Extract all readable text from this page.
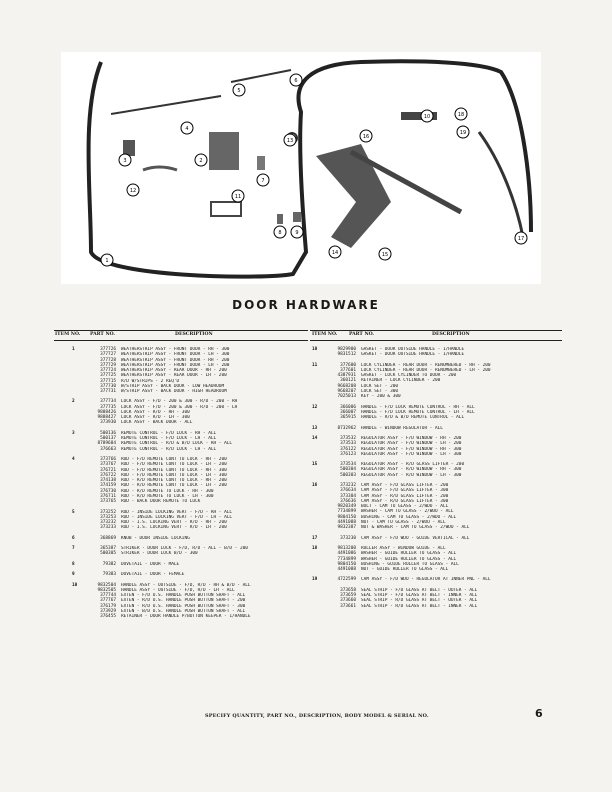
1
2
3
4
5
6
7
8	9
10
11
12
13
14	15
16
17
18
19
DOOR HARDWARE
ITEM NO. PART NO.	DESCRIPTION	ITEM NO.	PART NO.	DESCRIPTION
1	377726	WEATHERSTRIP ASSY - FRONT DOOR - RH - 300
377727	WEATHERSTRIP ASSY - FRONT DOOR - LH - 300
377728	WEATHERSTRIP ASSY - FRONT DOOR - RH - 200
377729	WEATHERSTRIP ASSY - FRONT DOOR - LH - 200
377724	WEATHERSTRIP ASSY - REAR DOOR - RH - 200
377725	WEATHERSTRIP ASSY - REAR DOOR - LH - 200
377715	R/D W/STRIPS - 2 REQ'D
377730	W/STRIP ASSY - BACK DOOR - LOW HEADROOM
377731	W/STRIP ASSY - BACK DOOR - HIGH HEADROOM
2	377734	LOCK ASSY - F/D - 200 & 300 - R/D - 200 - RH
377735	LOCK ASSY - F/D - 200 & 300 - R/D - 200 - LH
9888426	LOCK ASSY - R/D - RH - 300
9888427	LOCK ASSY - R/D - LH - 300
373930	LOCK ASSY - BACK DOOR - ALL
3	500136	REMOTE CONTROL - F/D LOCK - RH - ALL
500137	REMOTE CONTROL - F/D LOCK - LH - ALL
8789684	REMOTE CONTROL - R/D & B/D LOCK - RH - ALL
376663	REMOTE CONTROL - R/D LOCK - LH - ALL
4	373766	ROD - F/D REMOTE CONT TO LOCK - RH - 200
373767	ROD - F/D REMOTE CONT TO LOCK - LH - 200
376721	ROD - F/D REMOTE CONT TO LOCK - RH - 300
376722	ROD - F/D REMOTE CONT TO LOCK - LH - 300
374138	ROD - R/D REMOTE CONT TO LOCK - RH - 200
374159	ROD - R/D REMOTE CONT TO LOCK - LH - 200
376730	ROD - R/D REMOTE TO LOCK - RH - 300
376711	ROD - R/D REMOTE TO LOCK - LH - 300
373765	ROD - BACK DOOR REMOTE TO LOCK
5	373252	ROD - INSIDE LOCKING VERT - F/D - RH - ALL
373253	ROD - INSIDE LOCKING VERT - F/D - LH - ALL
373232	ROD - I.S. LOCKING VERT - R/D - RH - 200
373233	ROD - I.S. LOCKING VERT - R/D - LH - 200
6	368869	KNOB - DOOR INSIDE LOCKING
7	365387	STRIKER - DOOR LOCK - F/D, R/D - ALL - B/D - 200
500305	STRIKER - DOOR LOCK B/D - 300
8	79382	DOVETAIL - DOOR - MALE
9	79383	DOVETAIL - DOOR - FEMALE
10	9832504	HANDLE ASSY - OUTSIDE - F/D, R/D - RH & B/D - ALL
9832505	HANDLE ASSY - OUTSIDE - F/D, R/D - LH - ALL
377744	EXTEN - F/D O.S. HANDLE PUSH BUTTON SHAFT - ALL
377767	EXTEN - R/D O.S. HANDLE PUSH BUTTON SHAFT - 200
376179	EXTEN - R/D O.S. HANDLE PUSH BUTTON SHAFT - 300
373929	EXTEN - B/D O.S. HANDLE PUSH BUTTON SHAFT - ALL
376455	RETAINER - DOOR HANDLE P/BUTTON KEEPER - 1/HANDLE
10	9829900	GASKET - DOOR OUTSIDE HANDLE - 1/HANDLE
9831512	GASKET - DOOR OUTSIDE HANDLE - 1/HANDLE
11	377600	LOCK CYLINDER - REAR DOOR - RENUMBERED - RH - 200
377601	LOCK CYLINDER - REAR DOOR - RENUMBERED - LH - 200
4387931	GASKET - LOCK CYLINDER TO DOOR - 200
360121	RETAINER - LOCK CYLINDER - 200
9668208	LOCK SET - 200
9668207	LOCK SET - 300
7025013	KEY - 200 & 300
12	366006	HANDLE - F/D LOCK REMOTE CONTROL - RH - ALL
366007	HANDLE - F/D LOCK REMOTE CONTROL - LH - ALL
365915	HANDLE - R/D & B/D REMOTE CONTROL - ALL
13	8732962	HANDLE - WINDOW REGULATOR - ALL
14	373532	REGULATOR ASSY - F/D WINDOW - RH - 200
373533	REGULATOR ASSY - F/D WINDOW - LH - 200
376122	REGULATOR ASSY - F/D WINDOW - RH - 300
376123	REGULATOR ASSY - F/D WINDOW - LH - 300
15	373534	REGULATOR ASSY - R/D GLASS LIFTER - 200
500304	REGULATOR ASSY - R/D WINDOW - RH - 300
500303	REGULATOR ASSY - R/D WINDOW - LH - 300
16	373232	CAM ASSY - F/D GLASS LIFTER - 200
376634	CAM ASSY - F/D GLASS LIFTER - 300
373304	CAM ASSY - R/D GLASS LIFTER - 200
376636	CAM ASSY - R/D GLASS LIFTER - 300
9820349	BOLT - CAM TO GLASS - 2/WDO - ALL
7734899	WASHER - CAM TO GLASS - 2/WDO - ALL
9804150	BUSHING - CAM TO GLASS - 2/WDO - ALL
4491088	NUT - CAM TO GLASS - 2/WDO - ALL
9832387	NUT & WASHER - CAM TO GLASS - 2/WDO - ALL
17	373230	CAM ASSY - F/D WDO - GUIDE VERTICAL - ALL
18	9813200	ROLLER ASSY - WINDOW GUIDE - ALL
4491086	WASHER - GUIDE ROLLER TO GLASS - ALL
7734899	WASHER - GUIDE ROLLER TO GLASS - ALL
9804150	BUSHING - GUIDE ROLLER TO GLASS - ALL
4491088	NUT - GUIDE ROLLER TO GLASS - ALL
19	4722599	CAM ASSY - F/D WDO - REGULATOR AT INNER PNL - ALL
373658	SEAL STRIP - F/D GLASS AT BELT - OUTER - ALL
373659	SEAL STRIP - F/D GLASS AT BELT - INNER - ALL
373660	SEAL STRIP - R/D GLASS AT BELT - OUTER - ALL
373661	SEAL STRIP - R/D GLASS AT BELT - INNER - ALL
SPECIFY QUANTITY, PART NO., DESCRIPTION, BODY MODEL & SERIAL NO.	6
